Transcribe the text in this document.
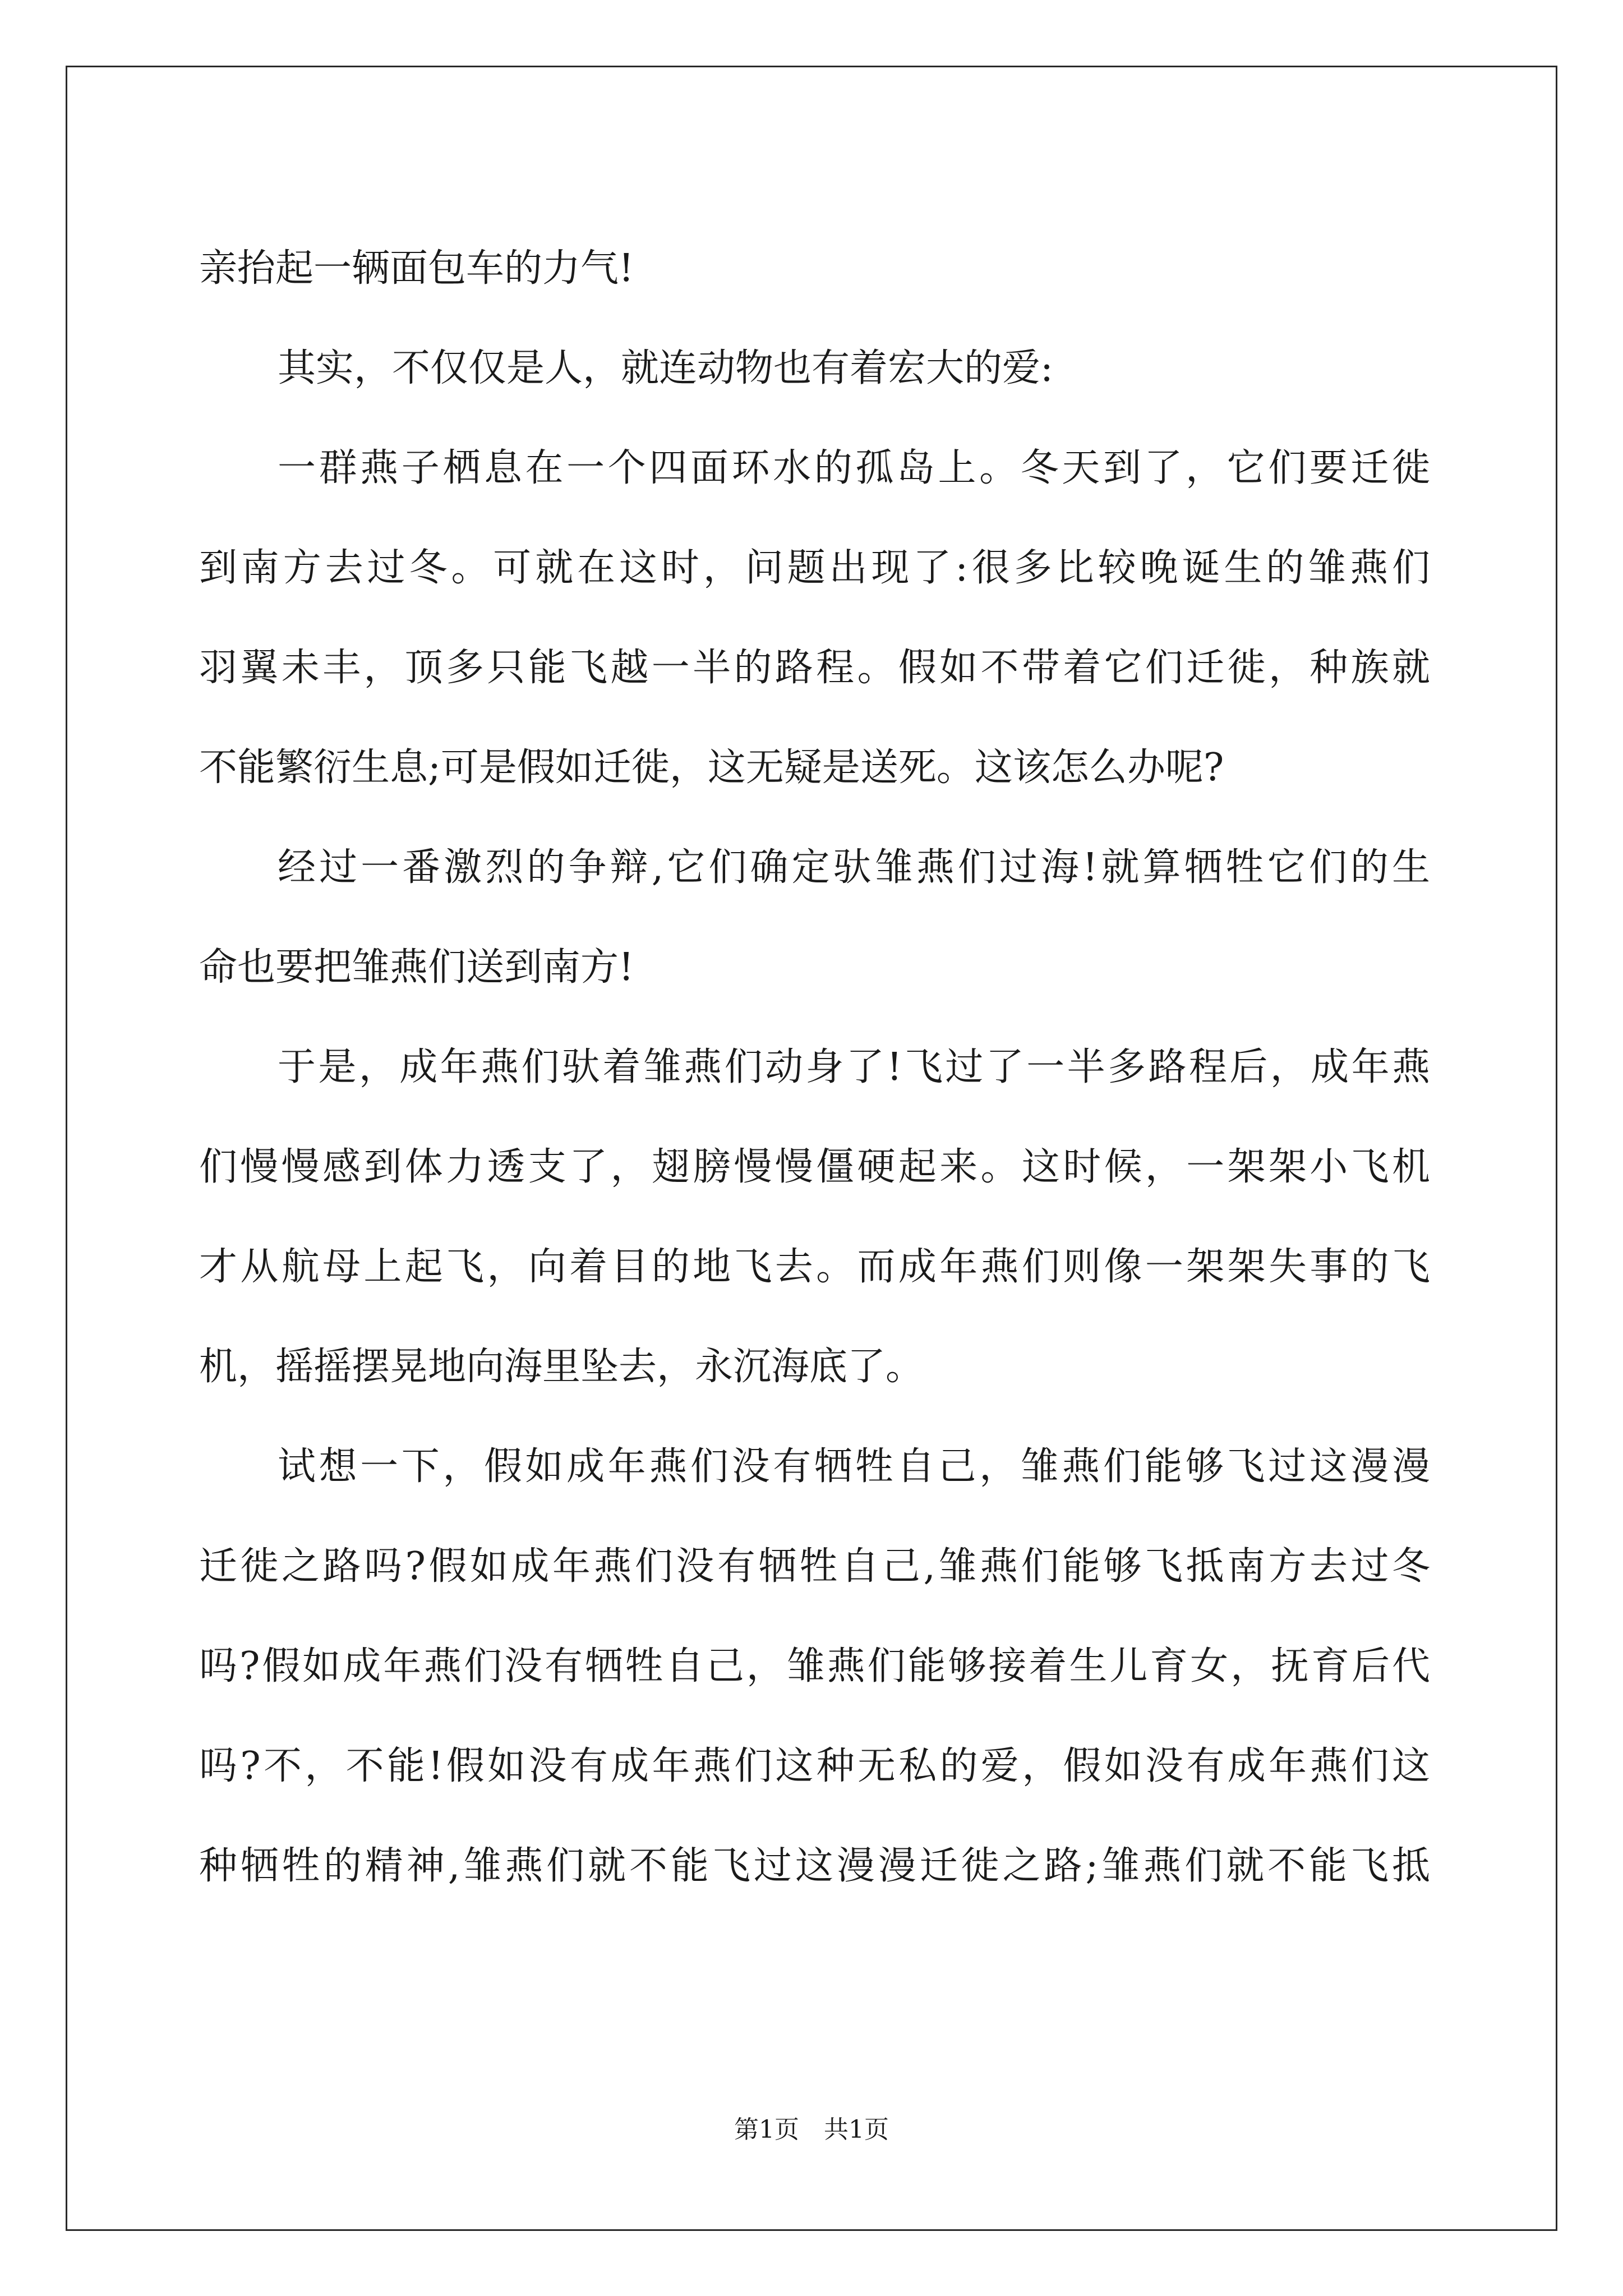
亲抬起一辆面包车的力气!
其实，不仅仅是人，就连动物也有着宏大的爱:
一群燕子栖息在一个四面环水的孤岛上。冬天到了，它们要迁徙
到南方去过冬。可就在这时，问题出现了:很多比较晚诞生的雏燕们
羽翼未丰，顶多只能飞越一半的路程。假如不带着它们迁徙，种族就
不能繁衍生息;可是假如迁徙，这无疑是送死。这该怎么办呢?
经过一番激烈的争辩,它们确定驮雏燕们过海!就算牺牲它们的生
命也要把雏燕们送到南方!
于是，成年燕们驮着雏燕们动身了!飞过了一半多路程后，成年燕
们慢慢感到体力透支了，翅膀慢慢僵硬起来。这时候，一架架小飞机
才从航母上起飞，向着目的地飞去。而成年燕们则像一架架失事的飞
机，摇摇摆晃地向海里坠去，永沉海底了。
试想一下，假如成年燕们没有牺牲自己，雏燕们能够飞过这漫漫
迁徙之路吗?假如成年燕们没有牺牲自己,雏燕们能够飞抵南方去过冬
吗?假如成年燕们没有牺牲自己，雏燕们能够接着生儿育女，抚育后代
吗?不，不能!假如没有成年燕们这种无私的爱，假如没有成年燕们这
种牺牲的精神,雏燕们就不能飞过这漫漫迁徙之路;雏燕们就不能飞抵
第1页　共1页
